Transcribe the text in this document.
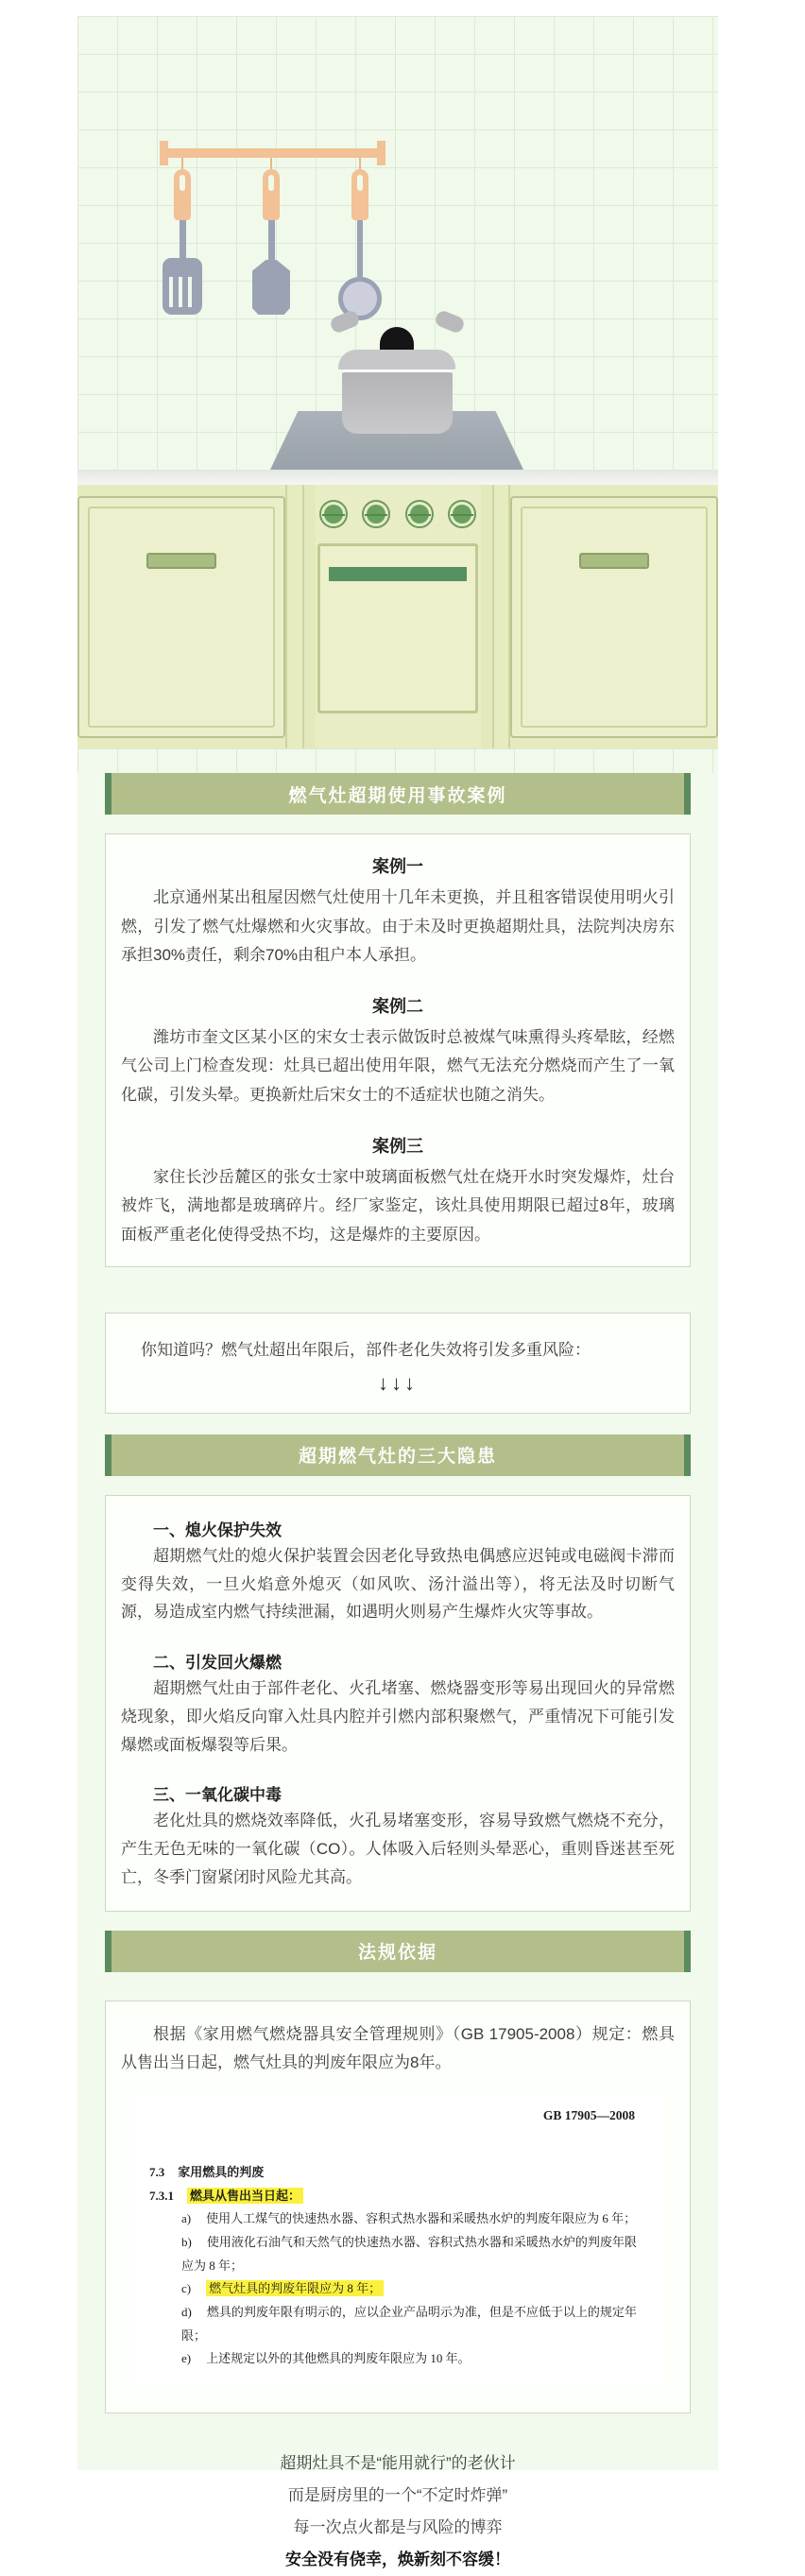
燃气灶超期使用事故案例
案例一

北京通州某出租屋因燃气灶使用十几年未更换，并且租客错误使用明火引燃，引发了燃气灶爆燃和火灾事故。由于未及时更换超期灶具，法院判决房东承担30%责任，剩余70%由租户本人承担。

案例二

潍坊市奎文区某小区的宋女士表示做饭时总被煤气味熏得头疼晕眩，经燃气公司上门检查发现：灶具已超出使用年限，燃气无法充分燃烧而产生了一氧化碳，引发头晕。更换新灶后宋女士的不适症状也随之消失。

案例三

家住长沙岳麓区的张女士家中玻璃面板燃气灶在烧开水时突发爆炸，灶台被炸飞，满地都是玻璃碎片。经厂家鉴定，该灶具使用期限已超过8年，玻璃面板严重老化使得受热不均，这是爆炸的主要原因。

你知道吗？燃气灶超出年限后，部件老化失效将引发多重风险：

↓↓↓
超期燃气灶的三大隐患
一、熄火保护失效

超期燃气灶的熄火保护装置会因老化导致热电偶感应迟钝或电磁阀卡滞而变得失效，一旦火焰意外熄灭（如风吹、汤汁溢出等），将无法及时切断气源，易造成室内燃气持续泄漏，如遇明火则易产生爆炸火灾等事故。

二、引发回火爆燃

超期燃气灶由于部件老化、火孔堵塞、燃烧器变形等易出现回火的异常燃烧现象，即火焰反向窜入灶具内腔并引燃内部积聚燃气，严重情况下可能引发爆燃或面板爆裂等后果。

三、一氧化碳中毒

老化灶具的燃烧效率降低，火孔易堵塞变形，容易导致燃气燃烧不充分，产生无色无味的一氧化碳（CO）。人体吸入后轻则头晕恶心，重则昏迷甚至死亡，冬季门窗紧闭时风险尤其高。

法规依据

根据《家用燃气燃烧器具安全管理规则》（GB 17905-2008）规定：燃具从售出当日起，燃气灶具的判废年限应为8年。

GB 17905—2008
7.3 家用燃具的判废
7.3.1 燃具从售出当日起：
a) 使用人工煤气的快速热水器、容积式热水器和采暖热水炉的判废年限应为 6 年；
b) 使用液化石油气和天然气的快速热水器、容积式热水器和采暖热水炉的判废年限应为 8 年；
c) 燃气灶具的判废年限应为 8 年；
d) 燃具的判废年限有明示的，应以企业产品明示为准，但是不应低于以上的规定年限；
e) 上述规定以外的其他燃具的判废年限应为 10 年。
超期灶具不是“能用就行”的老伙计
而是厨房里的一个“不定时炸弹”
每一次点火都是与风险的博弈
安全没有侥幸，焕新刻不容缓！
